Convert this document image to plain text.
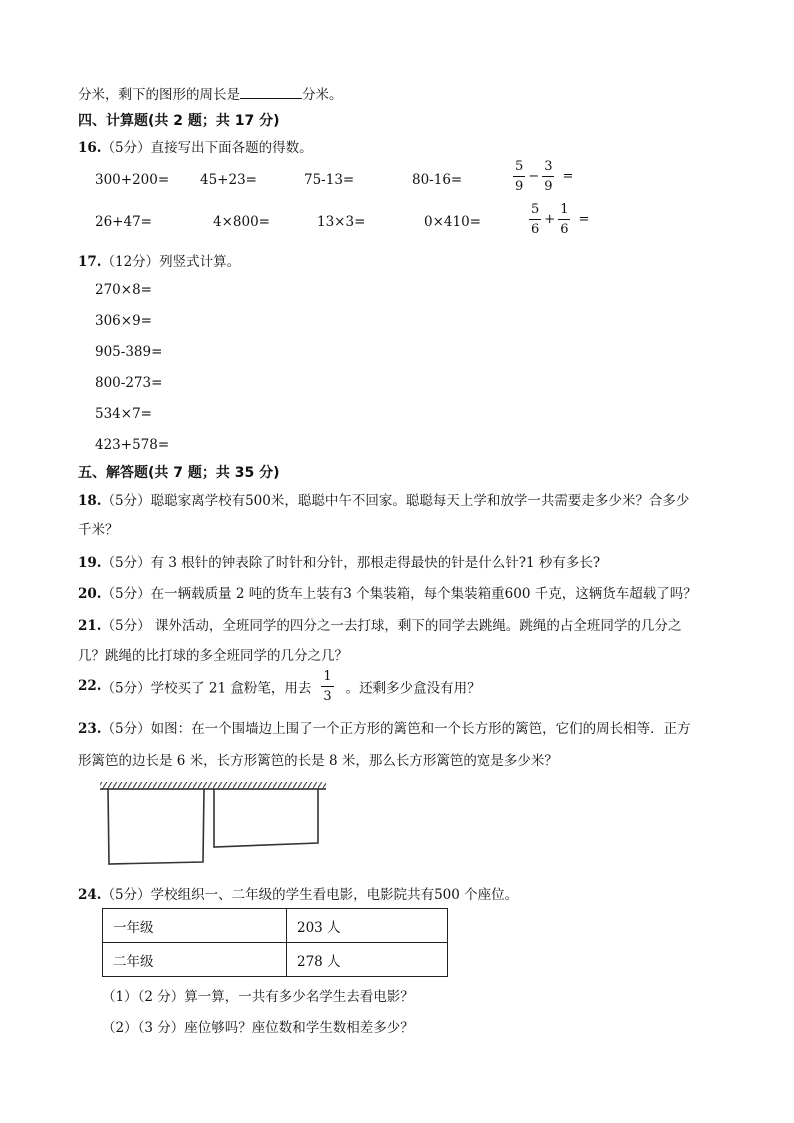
分米，剩下的图形的周长是	分米。
四、计算题(共 2 题；共 17 分)
16.（5分）直接写出下面各题的得数。
300+200= 45+23=	75-13=	80-16=	$\frac{5}{9} - \frac{3}{9}$ =
26+47=	4×800=	13×3=	0×410=	$\frac{5}{6} + \frac{1}{6}$ =
17.（12分）列竖式计算。
270×8=
306×9=
905-389=
800-273=
534×7=
423+578=
五、解答题(共 7 题；共 35 分)
18.（5分）聪聪家离学校有500米，聪聪中午不回家。聪聪每天上学和放学一共需要走多少米？合多少
千米？
19.（5分）有 3 根针的钟表除了时针和分针，那根走得最快的针是什么针?1 秒有多长?
20.（5分）在一辆载质量 2 吨的货车上装有3 个集装箱，每个集装箱重600 千克，这辆货车超载了吗？
21.（5分） 课外活动，全班同学的四分之一去打球，剩下的同学去跳绳。跳绳的占全班同学的几分之
几？跳绳的比打球的多全班同学的几分之几？
22.（5分）学校买了 21 盒粉笔，用去 $\frac{1}{3}$ 。还剩多少盒没有用？
23.（5分）如图：在一个围墙边上围了一个正方形的篱笆和一个长方形的篱笆，它们的周长相等．正方
形篱笆的边长是 6 米，长方形篱笆的长是 8 米，那么长方形篱笆的宽是多少米？
24.（5分）学校组织一、二年级的学生看电影，电影院共有500 个座位。
一年级	203 人
二年级	278 人
（1）（2 分）算一算，一共有多少名学生去看电影？
（2）（3 分）座位够吗？座位数和学生数相差多少？
